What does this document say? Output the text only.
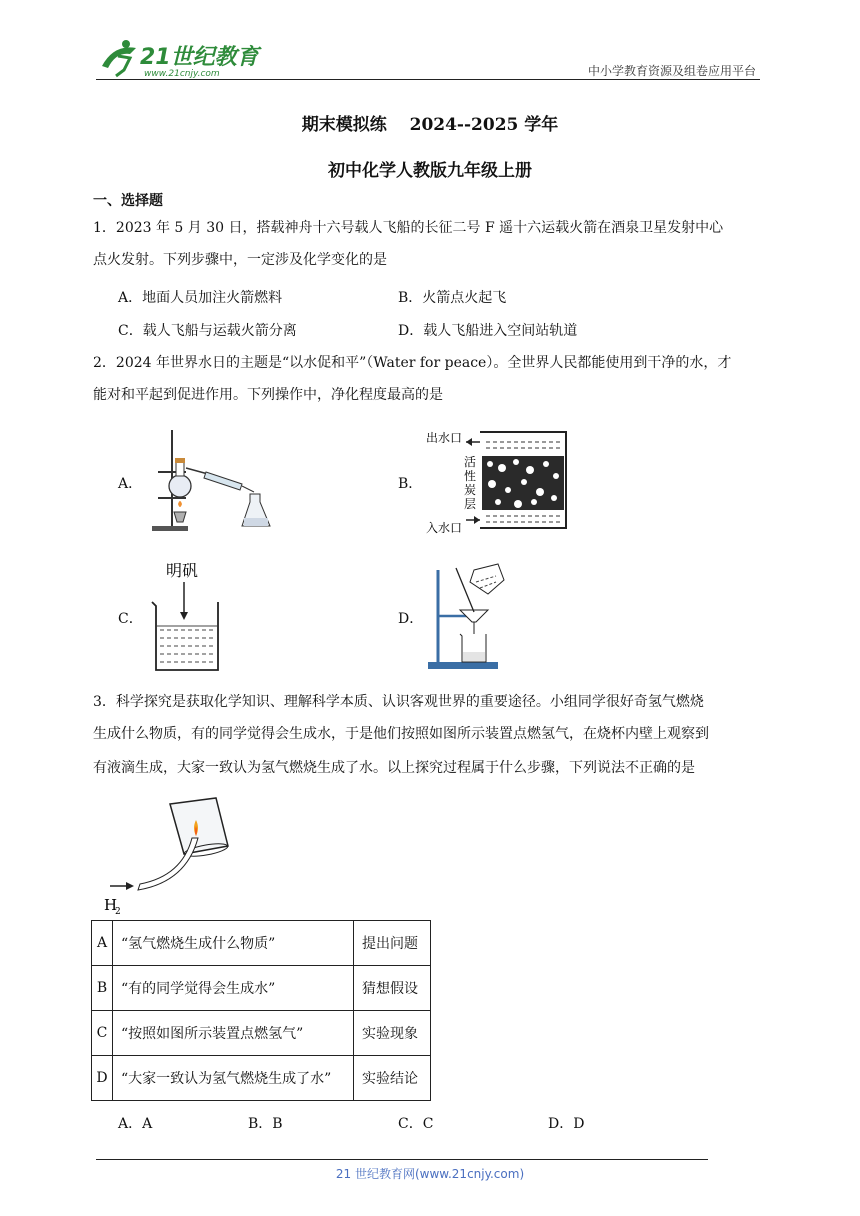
21世纪教育
www.21cnjy.com	中小学教育资源及组卷应用平台
期末模拟练　 2024--2025 学年
初中化学人教版九年级上册
一、选择题
1．2023 年 5 月 30 日，搭载神舟十六号载人飞船的长征二号 F 遥十六运载火箭在酒泉卫星发射中心
点火发射。下列步骤中，一定涉及化学变化的是
A．地面人员加注火箭燃料	B．火箭点火起飞
C．载人飞船与运载火箭分离	D．载人飞船进入空间站轨道
2．2024 年世界水日的主题是“以水促和平”（Water for peace）。全世界人民都能使用到干净的水，才
能对和平起到促进作用。下列操作中，净化程度最高的是
A．	B．
出水口
入水口
活
性
炭
层
C．
明矾
D．
3．科学探究是获取化学知识、理解科学本质、认识客观世界的重要途径。小组同学很好奇氢气燃烧
生成什么物质，有的同学觉得会生成水，于是他们按照如图所示装置点燃氢气，在烧杯内壁上观察到
有液滴生成，大家一致认为氢气燃烧生成了水。以上探究过程属于什么步骤，下列说法不正确的是
H
2
A	“氢气燃烧生成什么物质”	提出问题
B	“有的同学觉得会生成水”	猜想假设
C	“按照如图所示装置点燃氢气”	实验现象
D	“大家一致认为氢气燃烧生成了水”	实验结论
A．A	B．B	C．C	D．D
21 世纪教育网(www.21cnjy.com)
